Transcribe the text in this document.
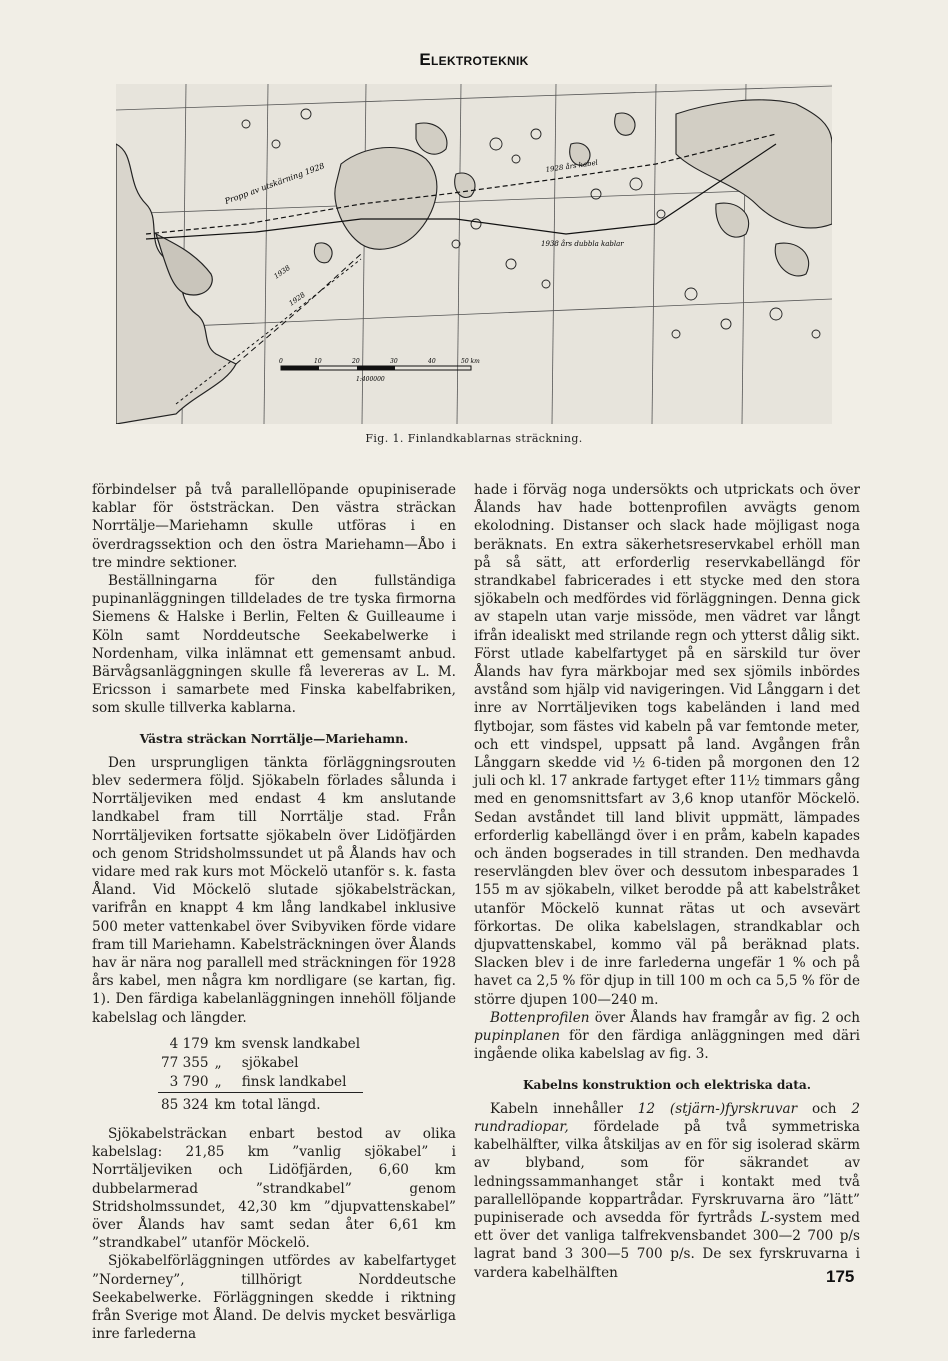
Elektroteknik
Propp av utskärning 1928	1928 års kabel
1938 års dubbla kablar
1938
1928
0	10	20	30	40	50 km
1:400000
Fig. 1. Finlandkablarnas sträckning.

förbindelser på två parallellöpande opupiniserade kablar för öststräckan. Den västra sträckan Norrtälje—Mariehamn skulle utföras i en överdragssektion och den östra Mariehamn—Åbo i tre mindre sektioner.

Beställningarna för den fullständiga pupinanläggningen tilldelades de tre tyska firmorna Siemens & Halske i Berlin, Felten & Guilleaume i Köln samt Norddeutsche Seekabelwerke i Nordenham, vilka inlämnat ett gemensamt anbud. Bärvågsanläggningen skulle få levereras av L. M. Ericsson i samarbete med Finska kabelfabriken, som skulle tillverka kablarna.

Västra sträckan Norrtälje—Mariehamn.

Den ursprungligen tänkta förläggningsrouten blev sedermera följd. Sjökabeln förlades sålunda i Norrtäljeviken med endast 4 km anslutande landkabel fram till Norrtälje stad. Från Norrtäljeviken fortsatte sjökabeln över Lidöfjärden och genom Stridsholmssundet ut på Ålands hav och vidare med rak kurs mot Möckelö utanför s. k. fasta Åland. Vid Möckelö slutade sjökabelsträckan, varifrån en knappt 4 km lång landkabel inklusive 500 meter vattenkabel över Svibyviken förde vidare fram till Mariehamn. Kabelsträckningen över Ålands hav är nära nog parallell med sträckningen för 1928 års kabel, men några km nordligare (se kartan, fig. 1). Den färdiga kabelanläggningen innehöll följande kabelslag och längder.

4 179	km	svensk landkabel
77 355	„	sjökabel
3 790	„	finsk landkabel
85 324	km	total längd.

Sjökabelsträckan enbart bestod av olika kabelslag: 21,85 km ”vanlig sjökabel” i Norrtäljeviken och Lidöfjärden, 6,60 km dubbelarmerad ”strandkabel” genom Stridsholmssundet, 42,30 km ”djupvattenskabel” över Ålands hav samt sedan åter 6,61 km ”strandkabel” utanför Möckelö.

Sjökabelförläggningen utfördes av kabelfartyget ”Norderney”, tillhörigt Norddeutsche Seekabelwerke. Förläggningen skedde i riktning från Sverige mot Åland. De delvis mycket besvärliga inre farlederna

hade i förväg noga undersökts och utprickats och över Ålands hav hade bottenprofilen avvägts genom ekolodning. Distanser och slack hade möjligast noga beräknats. En extra säkerhetsreservkabel erhöll man på så sätt, att erforderlig reservkabellängd för strandkabel fabricerades i ett stycke med den stora sjökabeln och medfördes vid förläggningen. Denna gick av stapeln utan varje missöde, men vädret var långt ifrån idealiskt med strilande regn och ytterst dålig sikt. Först utlade kabelfartyget på en särskild tur över Ålands hav fyra märkbojar med sex sjömils inbördes avstånd som hjälp vid navigeringen. Vid Långgarn i det inre av Norrtäljeviken togs kabeländen i land med flytbojar, som fästes vid kabeln på var femtonde meter, och ett vindspel, uppsatt på land. Avgången från Långgarn skedde vid ½ 6-tiden på morgonen den 12 juli och kl. 17 ankrade fartyget efter 11½ timmars gång med en genomsnittsfart av 3,6 knop utanför Möckelö. Sedan avståndet till land blivit uppmätt, lämpades erforderlig kabellängd över i en pråm, kabeln kapades och änden bogserades in till stranden. Den medhavda reservlängden blev över och dessutom inbesparades 1 155 m av sjökabeln, vilket berodde på att kabelstråket utanför Möckelö kunnat rätas ut och avsevärt förkortas. De olika kabelslagen, strandkablar och djupvattenskabel, kommo väl på beräknad plats. Slacken blev i de inre farlederna ungefär 1 % och på havet ca 2,5 % för djup in till 100 m och ca 5,5 % för de större djupen 100—240 m.

Bottenprofilen över Ålands hav framgår av fig. 2 och pupinplanen för den färdiga anläggningen med däri ingående olika kabelslag av fig. 3.

Kabelns konstruktion och elektriska data.

Kabeln innehåller 12 (stjärn-)fyrskruvar och 2 rundradiopar, fördelade på två symmetriska kabelhälfter, vilka åtskiljas av en för sig isolerad skärm av blyband, som för säkrandet av ledningssammanhanget står i kontakt med två parallellöpande koppartrådar. Fyrskruvarna äro ”lätt” pupiniserade och avsedda för fyrtråds L-system med ett över det vanliga talfrekvensbandet 300—2 700 p/s lagrat band 3 300—5 700 p/s. De sex fyrskruvarna i vardera kabelhälften	175
